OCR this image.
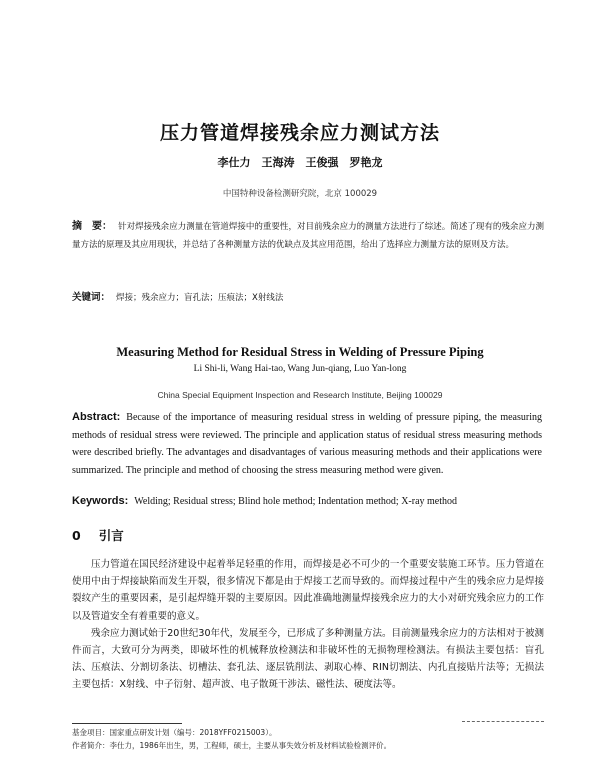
压力管道焊接残余应力测试方法
李仕力　王海涛　王俊强　罗艳龙
中国特种设备检测研究院，北京 100029
摘　要： 针对焊接残余应力测量在管道焊接中的重要性，对目前残余应力的测量方法进行了综述。简述了现有的残余应力测量方法的原理及其应用现状，并总结了各种测量方法的优缺点及其应用范围，给出了选择应力测量方法的原则及方法。
关键词： 焊接；残余应力；盲孔法；压痕法；X射线法
Measuring Method for Residual Stress in Welding of Pressure Piping
Li Shi-li, Wang Hai-tao, Wang Jun-qiang, Luo Yan-long
China Special Equipment Inspection and Research Institute, Beijing 100029
Abstract: Because of the importance of measuring residual stress in welding of pressure piping, the measuring methods of residual stress were reviewed. The principle and application status of residual stress measuring methods were described briefly. The advantages and disadvantages of various measuring methods and their applications were summarized. The principle and method of choosing the stress measuring method were given.
Keywords: Welding; Residual stress; Blind hole method; Indentation method; X-ray method
0 引言

压力管道在国民经济建设中起着举足轻重的作用，而焊接是必不可少的一个重要安装施工环节。压力管道在使用中由于焊接缺陷而发生开裂，很多情况下都是由于焊接工艺而导致的。而焊接过程中产生的残余应力是焊接裂纹产生的重要因素，是引起焊缝开裂的主要原因。因此准确地测量焊接残余应力的大小对研究残余应力的工作以及管道安全有着重要的意义。

残余应力测试始于20世纪30年代，发展至今，已形成了多种测量方法。目前测量残余应力的方法相对于被测件而言，大致可分为两类，即破坏性的机械释放检测法和非破坏性的无损物理检测法。有损法主要包括：盲孔法、压痕法、分割切条法、切槽法、套孔法、逐层铣削法、剥取心棒、RIN切割法、内孔直接贴片法等；无损法主要包括：X射线、中子衍射、超声波、电子散斑干涉法、磁性法、硬度法等。

基金项目：国家重点研发计划（编号：2018YFF0215003）。
作者简介：李仕力，1986年出生，男，工程师，硕士，主要从事失效分析及材料试验检测评价。
